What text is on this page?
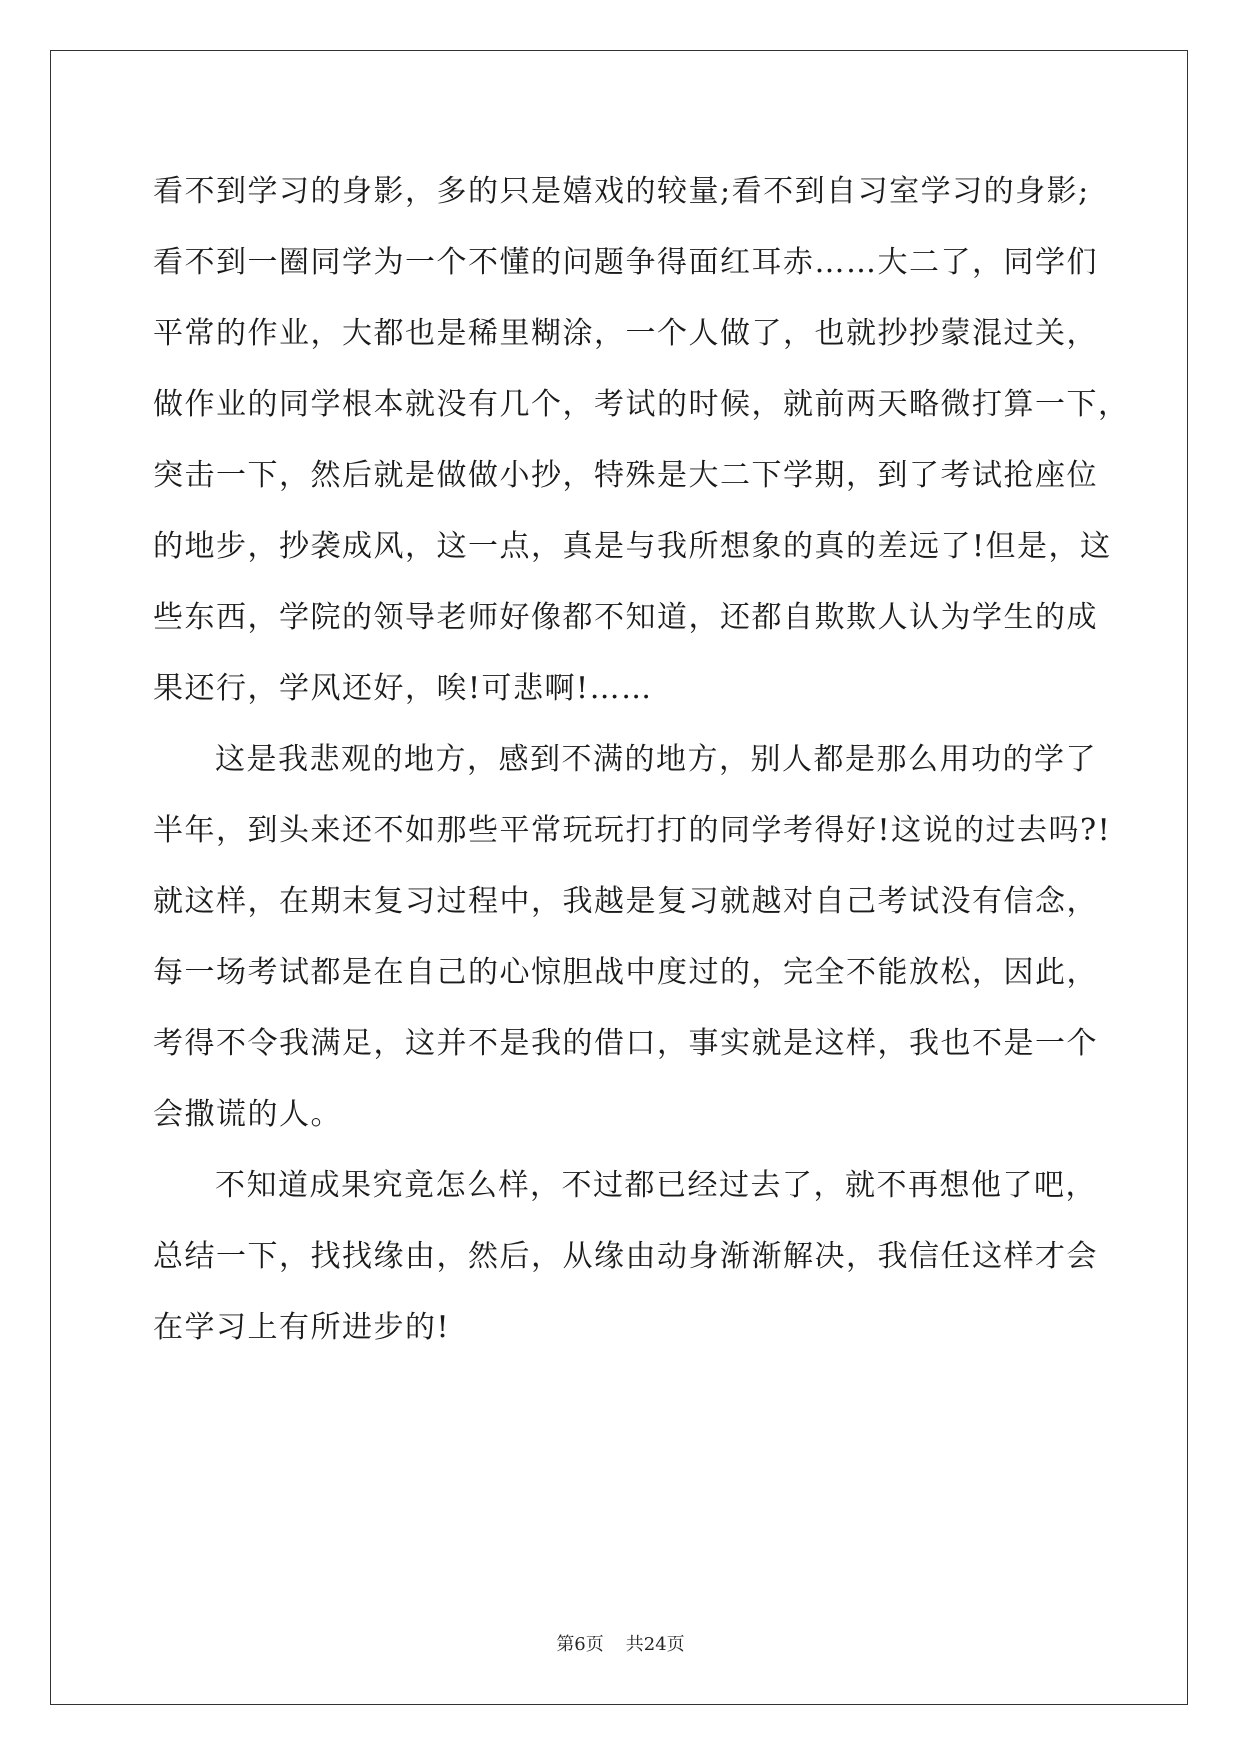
看不到学习的身影，多的只是嬉戏的较量;看不到自习室学习的身影;
看不到一圈同学为一个不懂的问题争得面红耳赤……大二了，同学们
平常的作业，大都也是稀里糊涂，一个人做了，也就抄抄蒙混过关，
做作业的同学根本就没有几个，考试的时候，就前两天略微打算一下，
突击一下，然后就是做做小抄，特殊是大二下学期，到了考试抢座位
的地步，抄袭成风，这一点，真是与我所想象的真的差远了!但是，这
些东西，学院的领导老师好像都不知道，还都自欺欺人认为学生的成
果还行，学风还好，唉!可悲啊!……
这是我悲观的地方，感到不满的地方，别人都是那么用功的学了
半年，到头来还不如那些平常玩玩打打的同学考得好!这说的过去吗?!
就这样，在期末复习过程中，我越是复习就越对自己考试没有信念，
每一场考试都是在自己的心惊胆战中度过的，完全不能放松，因此，
考得不令我满足，这并不是我的借口，事实就是这样，我也不是一个
会撒谎的人。
不知道成果究竟怎么样，不过都已经过去了，就不再想他了吧，
总结一下，找找缘由，然后，从缘由动身渐渐解决，我信任这样才会
在学习上有所进步的!
第6页 共24页
